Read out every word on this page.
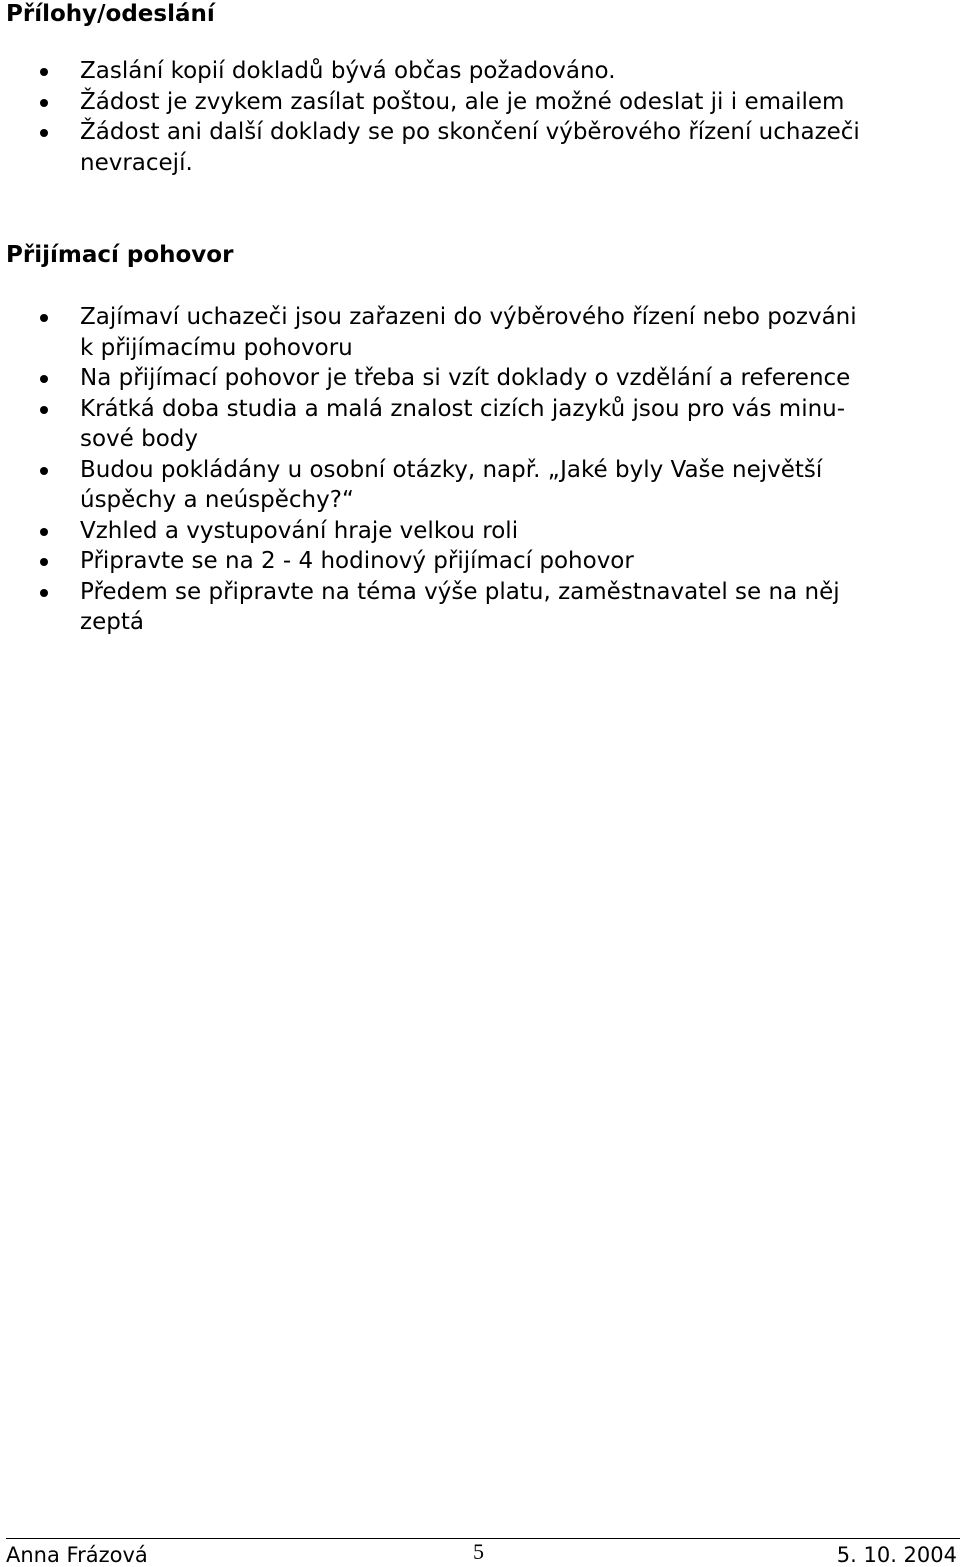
Přílohy/odeslání
Zaslání kopií dokladů bývá občas požadováno.
Žádost je zvykem zasílat poštou, ale je možné odeslat ji i emailem
Žádost ani další doklady se po skončení výběrového řízení uchazeči
nevracejí.
Přijímací pohovor
Zajímaví uchazeči jsou zařazeni do výběrového řízení nebo pozváni
k přijímacímu pohovoru
Na přijímací pohovor je třeba si vzít doklady o vzdělání a reference
Krátká doba studia a malá znalost cizích jazyků jsou pro vás minu-
sové body
Budou pokládány u osobní otázky, např. „Jaké byly Vaše největší
úspěchy a neúspěchy?“
Vzhled a vystupování hraje velkou roli
Připravte se na 2 - 4 hodinový přijímací pohovor
Předem se připravte na téma výše platu, zaměstnavatel se na něj
zeptá
Anna Frázová	5	5. 10. 2004
